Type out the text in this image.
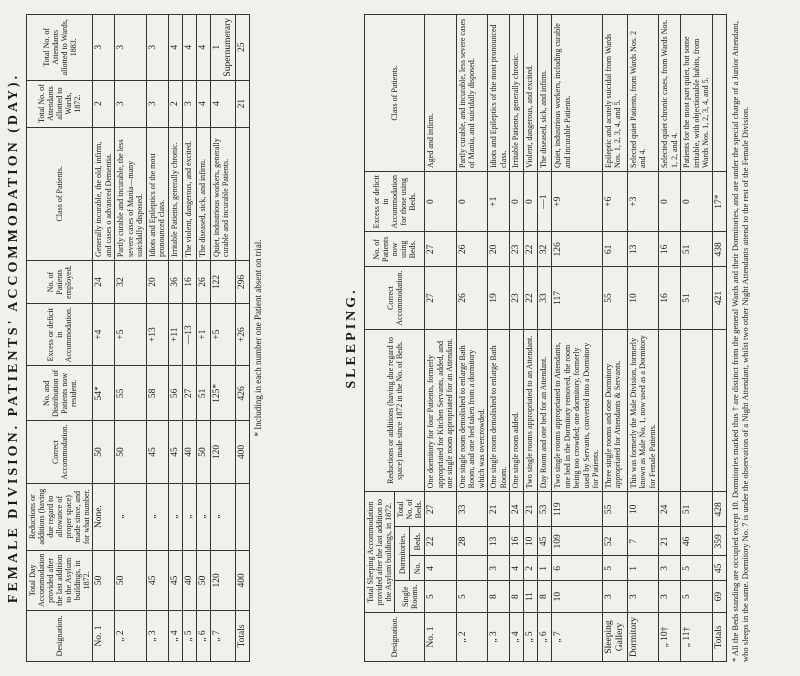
FEMALE DIVISION. PATIENTS' ACCOMMODATION (DAY).
Designation.	Total Day Accommodation provided after the last addition to the Asylum buildings, in 1872.	Reductions or additions (having due regard to allowance of proper space) made since, and for what number.	Correct Accommodation.	No. and Distribution of Patients now resident.	Excess or deficit in Accommodation.	No. of Patients employed.	Class of Patients.	Total No. of Attendants allotted to Wards, 1872.	Total No. of Attendants allotted to Wards, 1883.
No. 1	50	None.	50	54*	+4	24	Generally incurable, the old, infirm, and cases o advanced Dementia.	2	3
„ 2	50	„	50	55	+5	32	Partly curable and incurable, the less severe cases of Mania—many suicidally disposed.	3	3
„ 3	45	„	45	58	+13	20	Idiots and Epileptics of the most pronounced class.	3	3
„ 4	45	„	45	56	+11	36	Irritable Patients, generally chronic.	2	4
„ 5	40	„	40	27	—13	16	The violent, dangerous, and excited.	3	4
„ 6	50	„	50	51	+1	26	The diseased, sick, and infirm.	4	4
„ 7	120	„	120	125*	+5	122	Quiet, industrious workers, generally curable and incurable Patients.	4	1 Supernumerary
Totals	400		400	426	+26	296		21	25
* Including in each number one Patient absent on trial.	SLEEPING.
Designation.	Total Sleeping Accommodation provided after the last addition to the Asylum buildings, in 1872.				Reductions or additions (having due regard to space) made since 1872 in the No. of Beds.	Correct Accommodation.	No. of Patients now using Beds.	Excess or deficit in Accommodation for those using Beds.	Class of Patients.
	Single Rooms.	Dormitories.		Total No. of Beds.					
		No.	Beds.						
No. 1	5	4	22	27	One dormitory for four Patients, formerly appropriated for Kitchen Servants, added, and one single room appropriated for an Attendant.	27	27	0	Aged and infirm.
„ 2	5		28	33	One single room demolished to enlarge Bath Room, and one bed taken from a dormitory which was overcrowded.	26	26	0	Partly curable, and incurable, less severe cases of Mania, and suicidally disposed.
„ 3	8	3	13	21	One single room demolished to enlarge Bath Room.	19	20	+1	Idiots and Epileptics of the most pronounced class.
„ 4	8	4	16	24	One single room added.	23	23	0	Irritable Patients, generally chronic.
„ 5	11	2	10	21	Two single rooms appropriated to an Attendant.	22	22	0	Violent, dangerous, and excited.
„ 6	8	1	45	53	Day Room and one bed for an Attendant.	33	32	—1	The diseased, sick, and infirm.
„ 7	10	6	109	119	Two single rooms appropriated to Attendants, one bed in the Dormitory removed, the room being too crowded; one dormitory, formerly used by Servants, converted into a Dormitory for Patients.	117	126	+9	Quiet, industrious workers, including curable and incurable Patients.
Sleeping Gallery	3	5	52	55	Three single rooms and one Dormitory appropriated for Attendants & Servants.	55	61	+6	Epileptic and acutely suicidal from Wards Nos. 1, 2, 3, 4, and 5.
Dormitory	3	1	7	10	This was formerly the Male Division, formerly known as Male No. 1, now used as a Dormitory for Female Patients.	10	13	+3	Selected quiet Patients, from Wards Nos. 2 and 4.
„ 10†	3	3	21	24		16	16	0	Selected quiet chronic cases, from Wards Nos. 1, 2, and 4.
„ 11†	5	5	46	51		51	51	0	Patients for the most part quiet, but some irritable, with objectionable habits, from Wards Nos. 1, 2, 3, 4, and 5.
Totals	69	45	359	428		421	438	17*	* All the Beds standing are occupied except 10. Dormitories marked thus † are distinct from the general Wards and their Dormitories, and are under the special charge of a Junior Attendant, who sleeps in the same. Dormitory No. 7 is under the observation of a Night Attendant, whilst two other Night Attendants attend to the rest of the Female Division.
